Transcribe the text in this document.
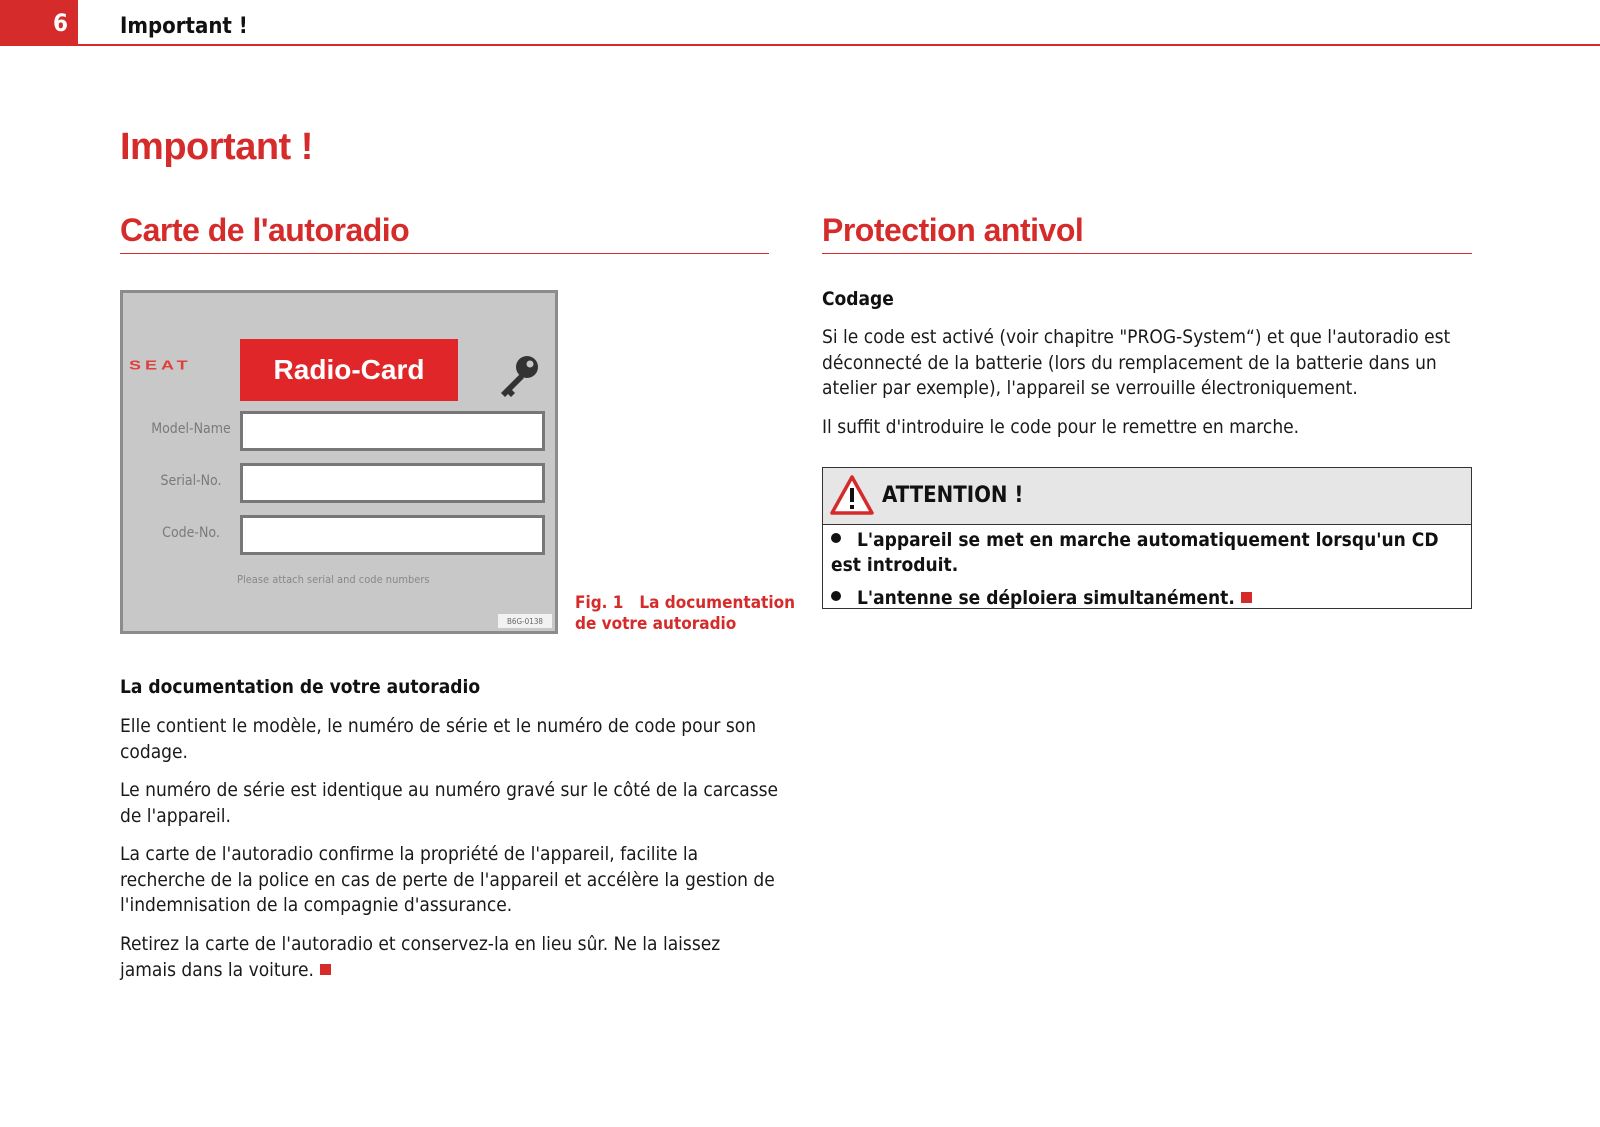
6	Important !
Important !
Carte de l'autoradio
SEAT	Radio-Card
Model-Name
Serial-No.
Code-No.
Please attach serial and code numbers
B6G-0138
Fig. 1 La documentation
de votre autoradio
La documentation de votre autoradio

Elle contient le modèle, le numéro de série et le numéro de code pour son codage.

Le numéro de série est identique au numéro gravé sur le côté de la carcasse de l'appareil.

La carte de l'autoradio confirme la propriété de l'appareil, facilite la recherche de la police en cas de perte de l'appareil et accélère la gestion de l'indemnisation de la compagnie d'assurance.

Retirez la carte de l'autoradio et conservez-la en lieu sûr. Ne la laissez jamais dans la voiture.

Protection antivol
Codage

Si le code est activé (voir chapitre "PROG-System“) et que l'autoradio est déconnecté de la batterie (lors du remplacement de la batterie dans un atelier par exemple), l'appareil se verrouille électroniquement.

Il suffit d'introduire le code pour le remettre en marche.

ATTENTION !
L'appareil se met en marche automatiquement lorsqu'un CD est introduit.
L'antenne se déploiera simultanément.
